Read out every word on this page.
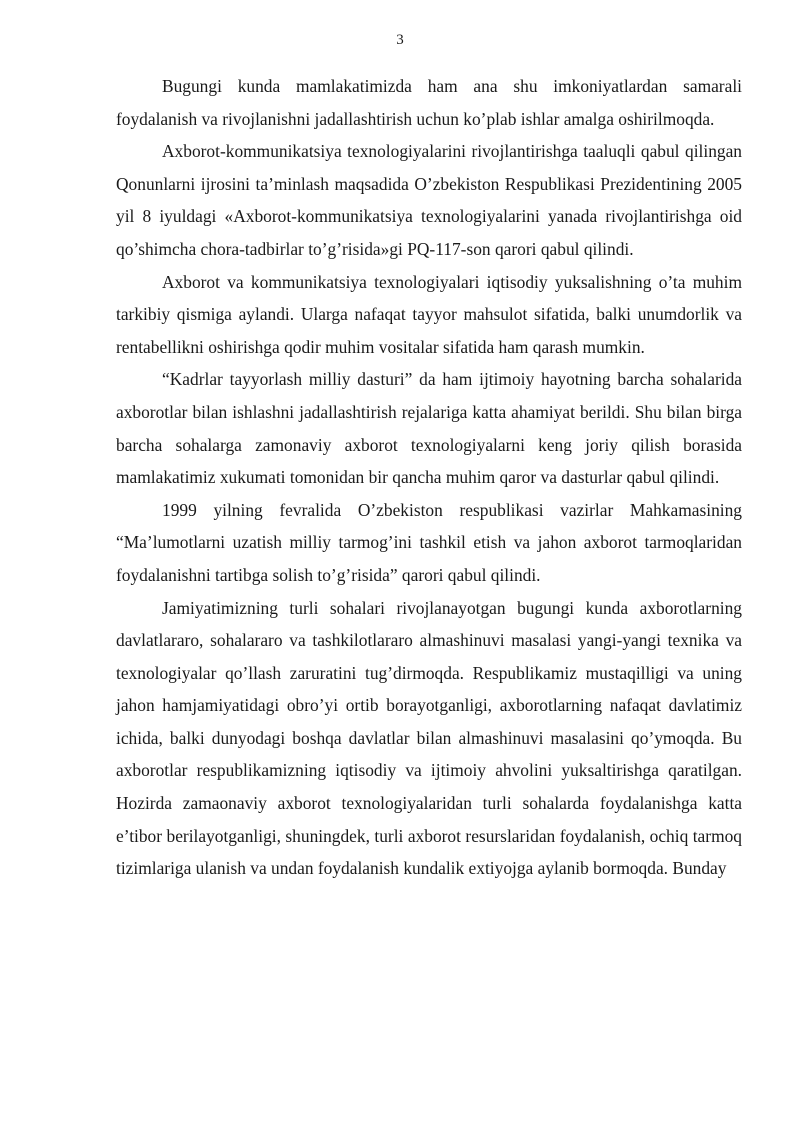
3

Bugungi kunda mamlakatimizda ham ana shu imkoniyatlardan samarali foydalanish va rivojlanishni jadallashtirish uchun ko’plab ishlar amalga oshirilmoqda.

Axborot-kommunikatsiya texnologiyalarini rivojlantirishga taaluqli qabul qilingan Qonunlarni ijrosini ta’minlash maqsadida O’zbekiston Respublikasi Prezidentining 2005 yil 8 iyuldagi «Axborot-kommunikatsiya texnologiyalarini yanada rivojlantirishga oid qo’shimcha chora-tadbirlar to’g’risida»gi PQ-117-son qarori qabul qilindi.

Axborot va kommunikatsiya texnologiyalari iqtisodiy yuksalishning o’ta muhim tarkibiy qismiga aylandi. Ularga nafaqat tayyor mahsulot sifatida, balki unumdorlik va rentabellikni oshirishga qodir muhim vositalar sifatida ham qarash mumkin.

“Kadrlar tayyorlash milliy dasturi” da ham ijtimoiy hayotning barcha sohalarida axborotlar bilan ishlashni jadallashtirish rejalariga katta ahamiyat berildi. Shu bilan birga barcha sohalarga zamonaviy axborot texnologiyalarni keng joriy qilish borasida mamlakatimiz xukumati tomonidan bir qancha muhim qaror va dasturlar qabul qilindi.

1999 yilning fevralida O’zbekiston respublikasi vazirlar Mahkamasining “Ma’lumotlarni uzatish milliy tarmog’ini tashkil etish va jahon axborot tarmoqlaridan foydalanishni tartibga solish to’g’risida” qarori qabul qilindi.

Jamiyatimizning turli sohalari rivojlanayotgan bugungi kunda axborotlarning davlatlararo, sohalararo va tashkilotlararo almashinuvi masalasi yangi-yangi texnika va texnologiyalar qo’llash zaruratini tug’dirmoqda. Respublikamiz mustaqilligi va uning jahon hamjamiyatidagi obro’yi ortib borayotganligi, axborotlarning nafaqat davlatimiz ichida, balki dunyodagi boshqa davlatlar bilan almashinuvi masalasini qo’ymoqda. Bu axborotlar respublikamizning iqtisodiy va ijtimoiy ahvolini yuksaltirishga qaratilgan. Hozirda zamaonaviy axborot texnologiyalaridan turli sohalarda foydalanishga katta e’tibor berilayotganligi, shuningdek, turli axborot resurslaridan foydalanish, ochiq tarmoq tizimlariga ulanish va undan foydalanish kundalik extiyojga aylanib bormoqda. Bunday
